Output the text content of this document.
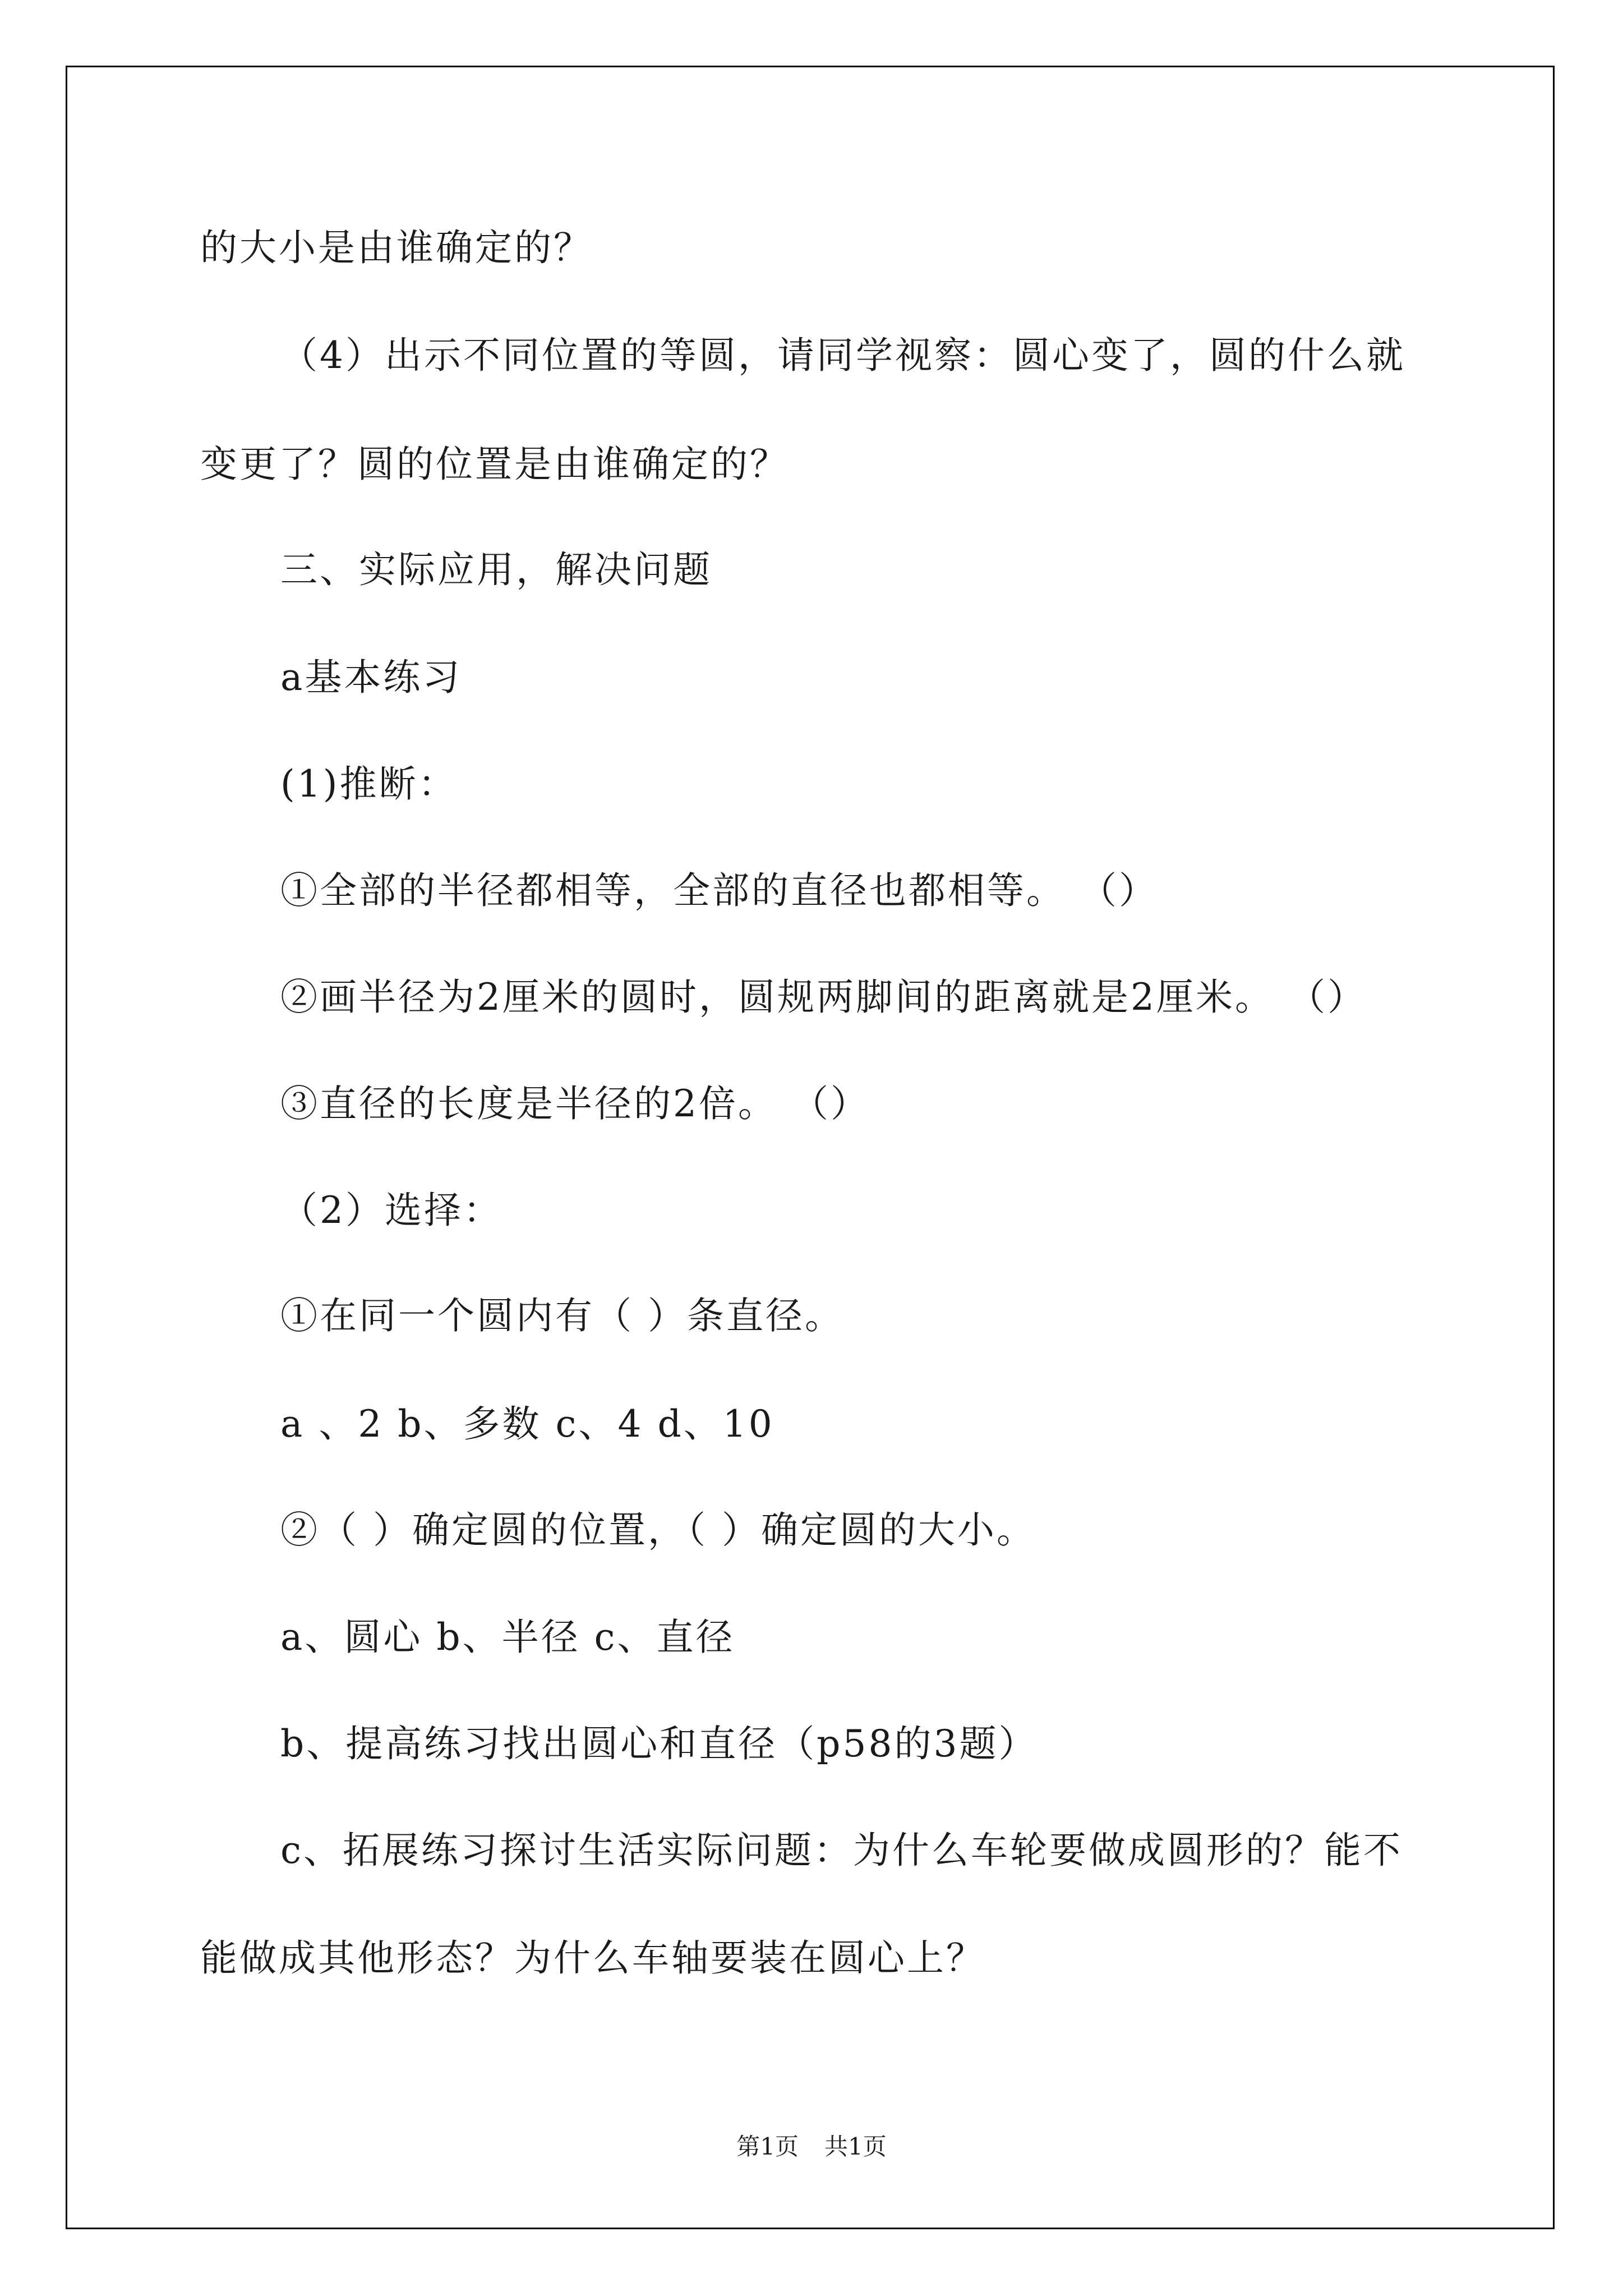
的大小是由谁确定的？
（4）出示不同位置的等圆，请同学视察：圆心变了，圆的什么就
变更了？圆的位置是由谁确定的？
三、实际应用，解决问题
a基本练习
(1)推断：
①全部的半径都相等，全部的直径也都相等。 （）
②画半径为2厘米的圆时，圆规两脚间的距离就是2厘米。 （）
③直径的长度是半径的2倍。 （）
（2）选择：
①在同一个圆内有（ ）条直径。
a 、2 b、多数 c、4 d、10
②（ ）确定圆的位置，（ ）确定圆的大小。
a、圆心 b、半径 c、直径
b、提高练习找出圆心和直径（p58的3题）
c、拓展练习探讨生活实际问题：为什么车轮要做成圆形的？能不
能做成其他形态？为什么车轴要装在圆心上？
第1页 共1页
